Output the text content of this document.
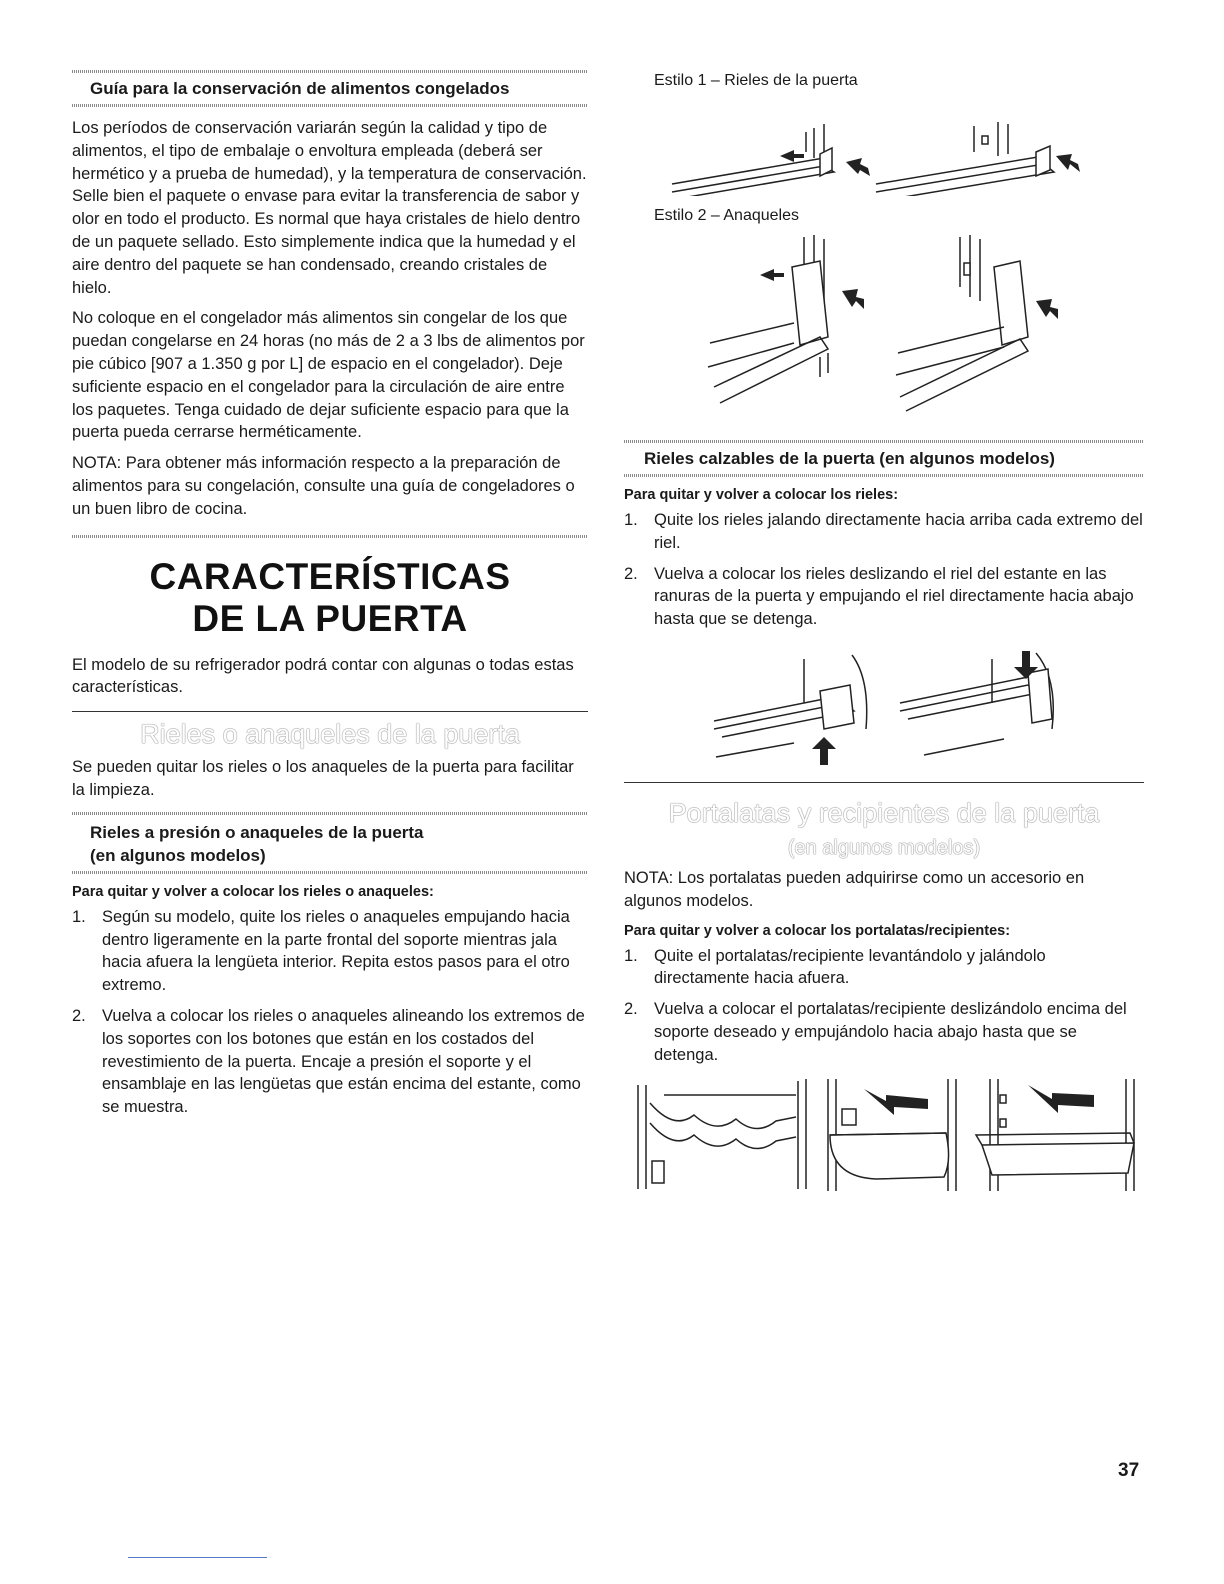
Guía para la conservación de alimentos congelados

Los períodos de conservación variarán según la calidad y tipo de alimentos, el tipo de embalaje o envoltura empleada (deberá ser hermético y a prueba de humedad), y la temperatura de conservación. Selle bien el paquete o envase para evitar la transferencia de sabor y olor en todo el producto. Es normal que haya cristales de hielo dentro de un paquete sellado. Esto simplemente indica que la humedad y el aire dentro del paquete se han condensado, creando cristales de hielo.

No coloque en el congelador más alimentos sin congelar de los que puedan congelarse en 24 horas (no más de 2 a 3 lbs de alimentos por pie cúbico [907 a 1.350 g por L] de espacio en el congelador). Deje suficiente espacio en el congelador para la circulación de aire entre los paquetes. Tenga cuidado de dejar suficiente espacio para que la puerta pueda cerrarse herméticamente.

NOTA: Para obtener más información respecto a la preparación de alimentos para su congelación, consulte una guía de congeladores o un buen libro de cocina.

CARACTERÍSTICAS
DE LA PUERTA

El modelo de su refrigerador podrá contar con algunas o todas estas características.

Rieles o anaqueles de la puerta

Se pueden quitar los rieles o los anaqueles de la puerta para facilitar la limpieza.

Rieles a presión o anaqueles de la puerta
(en algunos modelos)
Para quitar y volver a colocar los rieles o anaqueles:
1. Según su modelo, quite los rieles o anaqueles empujando hacia dentro ligeramente en la parte frontal del soporte mientras jala hacia afuera la lengüeta interior. Repita estos pasos para el otro extremo.
2. Vuelva a colocar los rieles o anaqueles alineando los extremos de los soportes con los botones que están en los costados del revestimiento de la puerta. Encaje a presión el soporte y el ensamblaje en las lengüetas que están encima del estante, como se muestra.

Estilo 1 – Rieles de la puerta

Estilo 2 – Anaqueles

Rieles calzables de la puerta (en algunos modelos)
Para quitar y volver a colocar los rieles:
1. Quite los rieles jalando directamente hacia arriba cada extremo del riel.
2. Vuelva a colocar los rieles deslizando el riel del estante en las ranuras de la puerta y empujando el riel directamente hacia abajo hasta que se detenga.
Portalatas y recipientes de la puerta
(en algunos modelos)

NOTA: Los portalatas pueden adquirirse como un accesorio en algunos modelos.

Para quitar y volver a colocar los portalatas/recipientes:
1. Quite el portalatas/recipiente levantándolo y jalándolo directamente hacia afuera.
2. Vuelva a colocar el portalatas/recipiente deslizándolo encima del soporte deseado y empujándolo hacia abajo hasta que se detenga.
37
